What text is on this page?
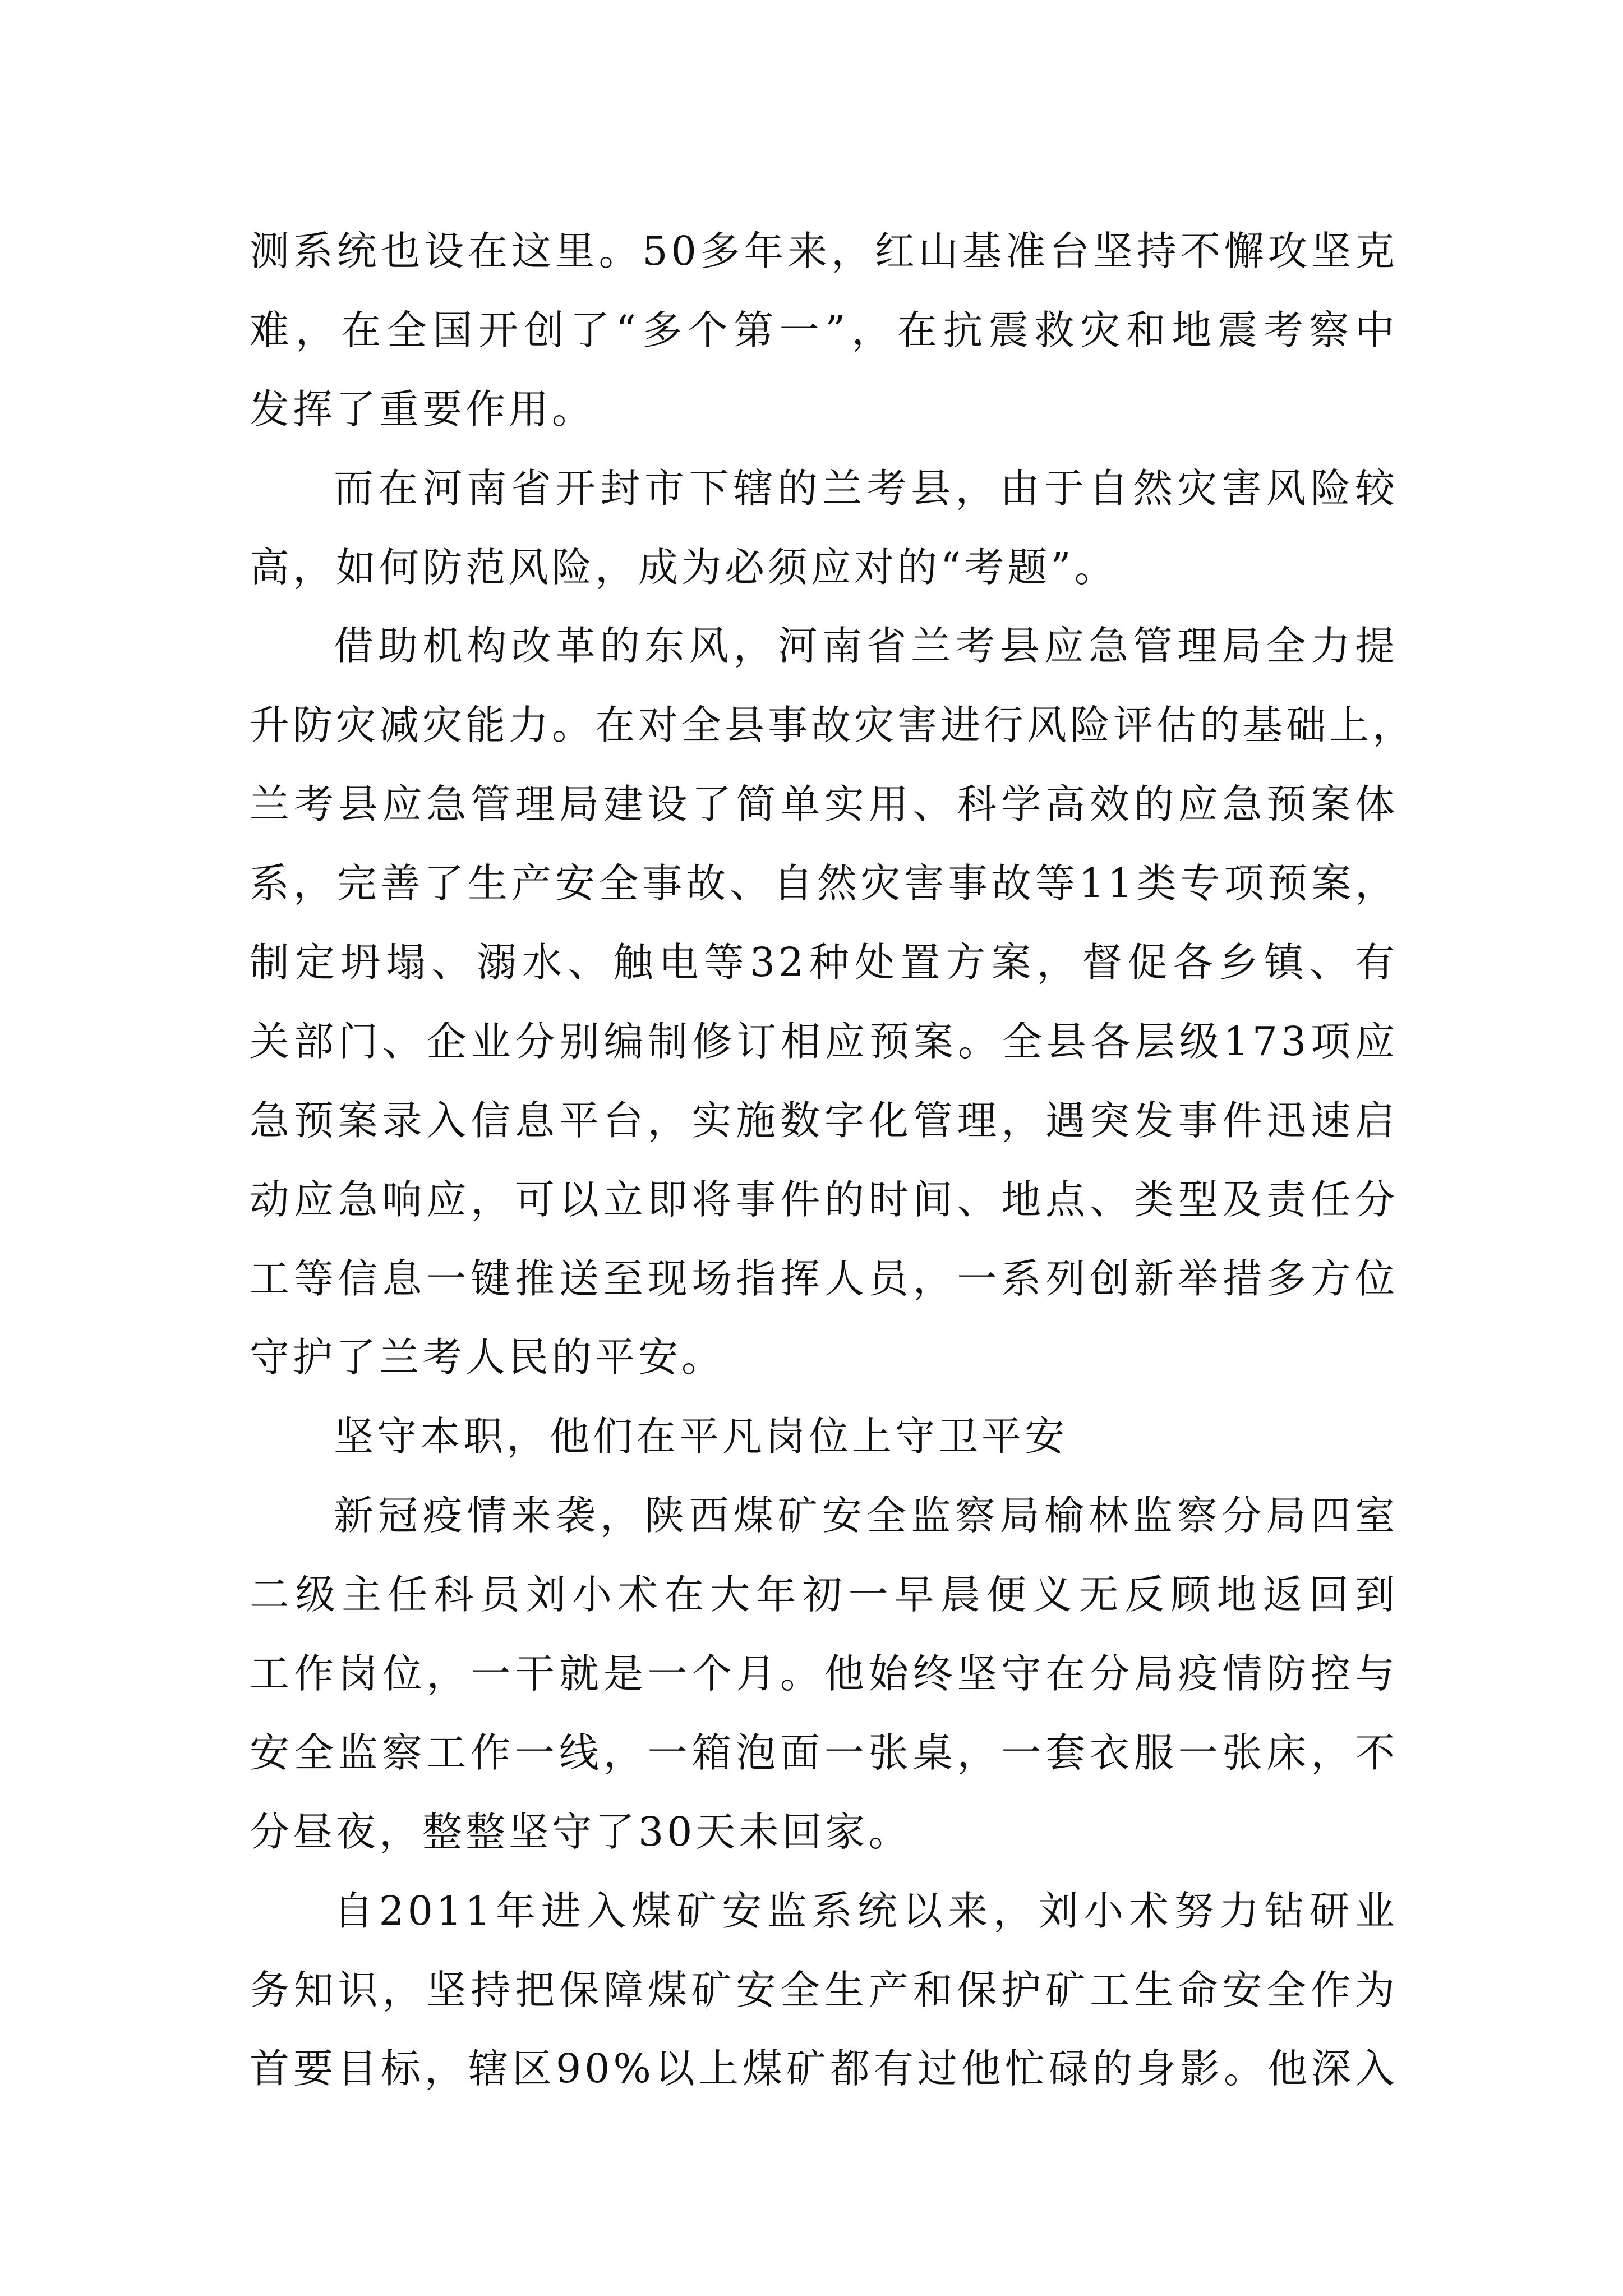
测系统也设在这里。50多年来，红山基准台坚持不懈攻坚克
难，在全国开创了“多个第一”，在抗震救灾和地震考察中
发挥了重要作用。
而在河南省开封市下辖的兰考县，由于自然灾害风险较
高，如何防范风险，成为必须应对的“考题”。
借助机构改革的东风，河南省兰考县应急管理局全力提
升防灾减灾能力。在对全县事故灾害进行风险评估的基础上，
兰考县应急管理局建设了简单实用、科学高效的应急预案体
系，完善了生产安全事故、自然灾害事故等11类专项预案，
制定坍塌、溺水、触电等32种处置方案，督促各乡镇、有
关部门、企业分别编制修订相应预案。全县各层级173项应
急预案录入信息平台，实施数字化管理，遇突发事件迅速启
动应急响应，可以立即将事件的时间、地点、类型及责任分
工等信息一键推送至现场指挥人员，一系列创新举措多方位
守护了兰考人民的平安。
坚守本职，他们在平凡岗位上守卫平安
新冠疫情来袭，陕西煤矿安全监察局榆林监察分局四室
二级主任科员刘小术在大年初一早晨便义无反顾地返回到
工作岗位，一干就是一个月。他始终坚守在分局疫情防控与
安全监察工作一线，一箱泡面一张桌，一套衣服一张床，不
分昼夜，整整坚守了30天未回家。
自2011年进入煤矿安监系统以来，刘小术努力钻研业
务知识，坚持把保障煤矿安全生产和保护矿工生命安全作为
首要目标，辖区90%以上煤矿都有过他忙碌的身影。他深入
